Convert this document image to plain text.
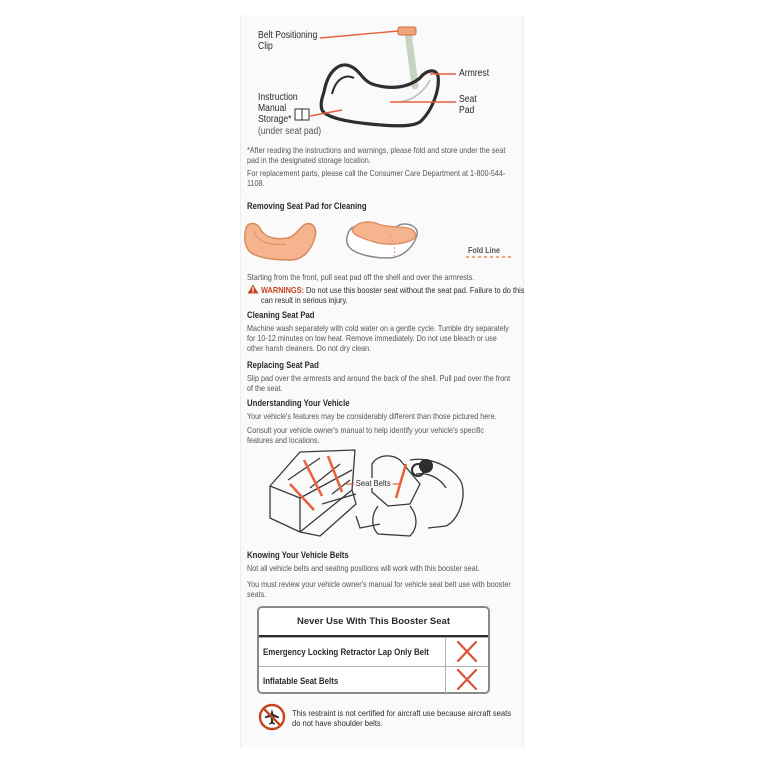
Belt Positioning
Clip
Armrest
Seat
Pad
Instruction
Manual
Storage*
(under seat pad)
*After reading the instructions and warnings, please fold and store under the seat pad in the designated storage location.
For replacement parts, please call the Consumer Care Department at 1-800-544-1108.
Removing Seat Pad for Cleaning
Fold Line
Starting from the front, pull seat pad off the shell and over the armrests.
WARNINGS: Do not use this booster seat without the seat pad. Failure to do this can result in serious injury.
Cleaning Seat Pad
Machine wash separately with cold water on a gentle cycle. Tumble dry separately for 10-12 minutes on low heat. Remove immediately. Do not use bleach or use other harsh cleaners. Do not dry clean.
Replacing Seat Pad
Slip pad over the armrests and around the back of the shell. Pull pad over the front of the seat.
Understanding Your Vehicle
Your vehicle's features may be considerably different than those pictured here.
Consult your vehicle owner's manual to help identify your vehicle's specific features and locations.
Seat Belts
Knowing Your Vehicle Belts
Not all vehicle belts and seating positions will work with this booster seat.
You must review your vehicle owner's manual for vehicle seat belt use with booster seats.
Never Use With This Booster Seat
Emergency Locking Retractor Lap Only Belt
Inflatable Seat Belts
This restraint is not certified for aircraft use because aircraft seats do not have shoulder belts.
